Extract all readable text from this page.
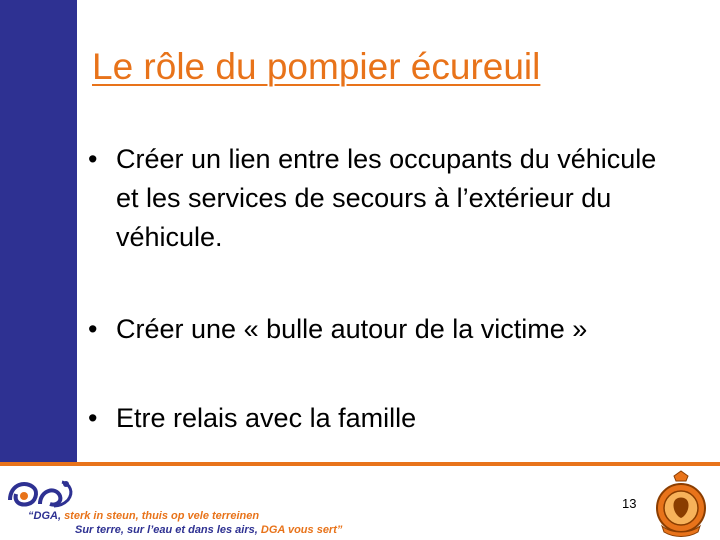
Le rôle du pompier écureuil
• Créer un lien entre les occupants du véhicule et les services de secours à l’extérieur du véhicule.
• Créer une « bulle autour de la victime »
• Etre relais avec la famille
“DGA, sterk in steun, thuis op vele terreinen
Sur terre, sur l’eau et dans les airs, DGA vous sert”
13
